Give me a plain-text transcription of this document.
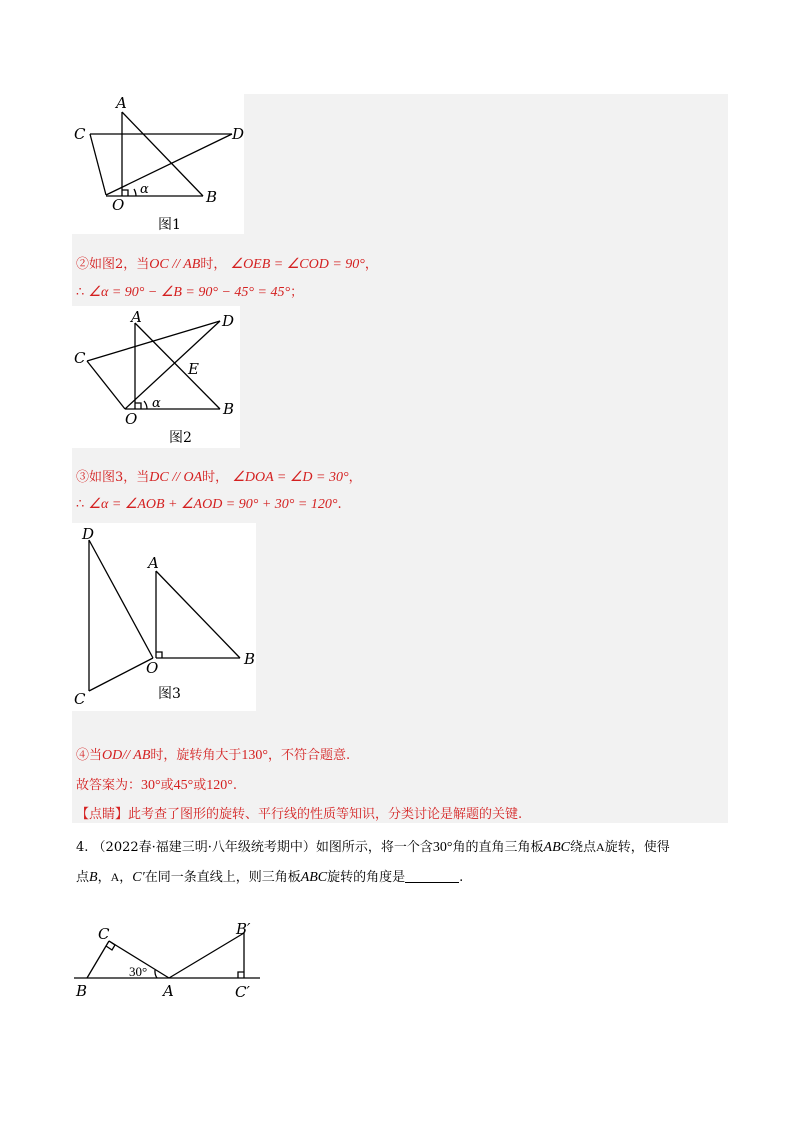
A
C	D
B
O
α
图1
②如图2，当OC // AB时， ∠OEB = ∠COD = 90°，
∴ ∠α = 90° − ∠B = 90° − 45° = 45°；
A	D
C
E
B
O
α
图2
③如图3，当DC // OA时， ∠DOA = ∠D = 30°，
∴ ∠α = ∠AOB + ∠AOD = 90° + 30° = 120°.
D
A
B
O
C	图3
④当OD// AB时，旋转角大于130°，不符合题意.
故答案为：30°或45°或120°.
【点睛】此考查了图形的旋转、平行线的性质等知识，分类讨论是解题的关键.
4. （2022春·福建三明·八年级统考期中）如图所示，将一个含30°角的直角三角板ABC绕点A旋转，使得
点B，A，C′在同一条直线上，则三角板ABC旋转的角度是	.
C	B′
30°
B	A	C′
